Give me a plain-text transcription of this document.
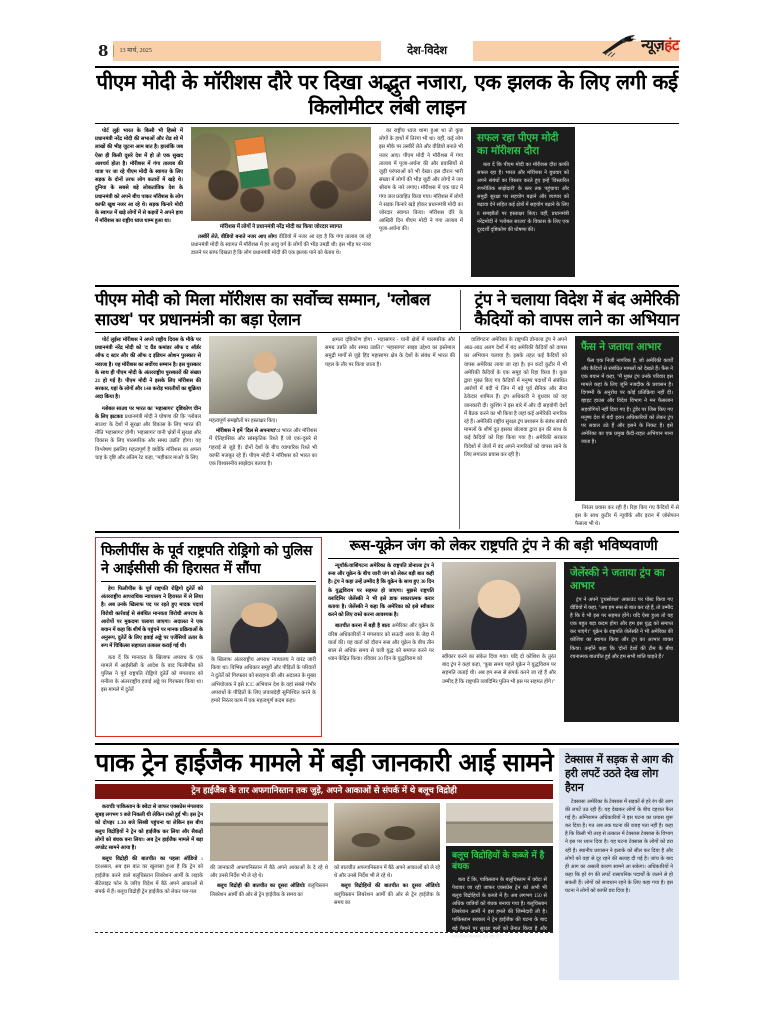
8	13 मार्च, 2025	देश-विदेश	न्यूज़हंट
पीएम मोदी के मॉरीशस दौरे पर दिखा अद्भुत नजारा, एक झलक के लिए लगी कई किलोमीटर लंबी लाइन

पोर्ट लुईः भारत के किसी भी हिस्से में प्रधानमंत्री नरेंद्र मोदी की सभाओं और रोड शो में लाखों की भीड़ जुटना आम बात है। हालांकि जब ऐसा ही किसी दूसरे देश में हो तो एक सुखद आश्चर्य होता है। मॉरीशस में गंगा तालाब की यात्रा पर जा रहे पीएम मोदी के स्वागत के लिए सड़क के दोनों तरफ लोग कतारों में खड़े थे। दुनिया के सबसे बड़े लोकतांत्रिक देश के प्रधानमंत्री को अपने बीच पाकर मॉरीशस के लोग काफी खुश नजर आ रहे थे। सड़क किनारे मोदी के स्वागत में खड़े लोगों में से कइयों ने अपने हाथ में मॉरीशस का राष्ट्रीय ध्वज थाम्म हुआ था।

मॉरीशस में लोगों ने प्रधानमंत्री नरेंद्र मोदी का किया जोरदार स्वागत

तस्वीरें लेते, वीडियो बनाते नजर आए लोगः वीडियो में नजर आ रहा है कि गंगा तालाब जा रहे प्रधानमंत्री मोदी के स्वागत में मॉरीशस में हर आयु वर्ग के लोगों की भीड़ उमड़ी थी। इस भीड़ पर नजर डालने पर साफ दिखता है कि लोग प्रधानमंत्री मोदी की एक झलक पाने को बेताब थे।

का राष्ट्रीय ध्वज थामा हुआ था तो कुछ लोगों के हाथों में तिरंगा भी था। यहीं, कई लोग इस मौके पर तस्वीरें लेते और वीडियो बनाते भी नजर आए। पीएम मोदी ने मॉरीशस में गंगा तालाब में पूजा-अर्चना की और प्रवासियों से जुड़ी परंपराओं को भी देखा। इस दौरान भारी संख्या में लोगों की भीड़ जुटी और लोगों ने जय श्रीराम के नारे लगाए। मॉरीशस में एक घाट में गंगा जल प्रवाहित किया गया। मॉरीशस में लोगों ने सड़क किनारे खड़े होकर प्रधानमंत्री मोदी का जोरदार स्वागत किया। मॉरीशस दौरे के आखिरी दिन पीएम मोदी ने गंगा तालाब में पूजा-अर्चना की।

सफल रहा पीएम मोदी का मॉरीशस दौरा

बता दें कि पीएम मोदी का मॉरीशस दौरा काफी सफल रहा है। भारत और मॉरीशस ने बुधवार को अपने संबंधों का विस्तार करते हुए इन्हें 'विस्तारित रणनीतिक साझेदारी' के स्तर तक पहुंचाया और समुद्री सुरक्षा पर सहयोग बढ़ाने और व्यापार को बढ़ावा देने सहित कई क्षेत्रों में सहयोग बढ़ाने के लिए 8 समझौतों पर हस्ताक्षर किए। वहीं, प्रधानमंत्री नरेंद्रमोदी ने 'ग्लोबल साउथ' के विकास के लिए एक दूरदर्शी दृष्टिकोण की घोषणा की।

पीएम मोदी को मिला मॉरीशस का सर्वोच्च सम्मान, 'ग्लोबल साउथ' पर प्रधानमंत्री का बड़ा ऐलान
ट्रंप ने चलाया विदेश में बंद अमेरिकी कैदियों को वापस लाने का अभियान

पोर्ट लुईसः मॉरीशस ने अपने राष्ट्रीय दिवस के मौके पर प्रधानमंत्री नरेंद्र मोदी को 'द ग्रैंड कमांडर ऑफ द ऑर्डर ऑफ द स्टार और की ऑफ द इंडियन ओशन पुरस्कार से नवाजा है। यह मॉरीशस का सर्वोच्च सम्मान है। इस पुरस्कार के साथ ही पीएम मोदी के अंतरराष्ट्रीय पुरस्कारों की संख्या 21 हो गई है। पीएम मोदी ने इसके लिए मॉरीशस की सरकार, यहां के लोगों और 140 करोड़ भारतीयों का शुक्रिया अदा किया है।

ग्लोबल साउथ पर भारत का 'महासागर' दृष्टिकोण चीन के लिए झटकाः प्रधानमंत्री मोदी ने घोषणा की कि 'ग्लोबल साउथ' के देशों में सुरक्षा और विकास के लिए भारत की नीति 'महासागर' होगी। 'महासागर' यानी 'क्षेत्रों में सुरक्षा और विकास के लिए पारस्परिक और समग्र उन्नति' होगा। यह विश्लेषण इसलिए महत्वपूर्ण है क्योंकि मॉरीशस का अपना चाह के दृष्टि और अंतिम रेट कहा, ''महीकार माओ' के लिए

महत्वपूर्ण समझौतों पर हस्ताक्षर किए।

मॉरीशस ने हमें 'दिल से अपनाया'ः भारत और मॉरीशस में ऐतिहासिक और सांस्कृतिक रिश्ते हैं जो एक-दूसरे से गहराई से जुड़े हैं। दोनों देशों के बीच व्यापारिक रिश्ते भी काफी मजबूत रहे हैं। पीएम मोदी ने मॉरीशस को भारत का एक विश्वसनीय साझेदार बताया है।

क्षमता दृष्टिकोण होगा - महासागर - यानी क्षेत्रों में पारस्परिक और समग्र उन्नति और समग्र उन्नति।'' 'महासागर' साझा उद्देश्य का इस्तेमाल समुद्री मार्गों से जुड़े हिंद महासागर क्षेत्र के देशों के संबंध में भारत की पहल के तौर पर किया जाता है।

वाशिंगटनः अमेरिका के राष्ट्रपति डोनाल्ड ट्रंप ने अपने आठ-आठ अलग देशों में बंद अमेरिकी कैदियों को वापस का अभियान चलाया है। इसके तहत कई कैदियों को वापस अमेरिका लाया जा रहा है। इन कदों कुटीर में भी अमेरिकी कैदियों के एक समूह को रिहा किया है। कुछ द्वारा मुक्त किए गए कैदियों में मनुष्य पदार्थों में संबंधित आरोपों में बंदी थे जिन में बड़े पूर्व सैनिक और सैन्य ठेकेदार शामिल हैं। ट्रंप अधिकारी ने बुधवार को यह जानकारी दी। कुशिंग ने इस बारे में और दी सहयोगी देशों में बैठक करने का भी किया है जहां कई अमेरिकी नागरिक रहे हैं। अमेरिकी राष्ट्रीय सुरक्षा ट्रंप प्रशासन के संबंध संबंधी मामलों के शीर्ष दूत इसका बोलाया द्वारा इन की साथ के कई कैदियों को रिहा किया गया है। अमेरिकी सरकार विदेशों में जेलों में बंद अपने नागरिकों को वापस लाने के लिए लगातार प्रयास कर रही है।

फैंस ने जताया आभार

फैंस एक निजी नागरिक है, जो अमेरिकी कार्यों और कैदियों से संबंधित मामलों को देखते हैं। फैंस ने एक बयान में कहा, ''मैं मुक्त ट्रंप उनके परिवार इस मामले कहां के लिए जूनि नजदीक के प्रशासन है। दिगम्भी के अनुरोध पर कोई प्रतिक्रिया नहीं दी। व्हाइट हाउस और विदेश विभाग ने मन फैसलान सहयोगियों नहीं दिया गए है। टुंडेर पर जिस किए गए मनुष्य देश में बंदी इरान अधिकारियों को लेकर ट्रंप पर सवाल उठे हैं और इसने के निकट है। इसे अमेरिका का एक प्रमुख कैदी-राहत अभियान माना जाता है।

निरंतर प्रयास कर रही हैं। रिहा किए गए कैदियों में से इस के साथ कुटीर में न्यूयॉर्क और इरान में जोसेफान फैसला भी थे।

फिलीपींस के पूर्व राष्ट्रपति रोड्रिगो को पुलिस ने आईसीसी की हिरासत में सौंपा

हेगः फिलीपींस के पूर्व राष्ट्रपति रोड्रिगो दुतेर्ते को अंतरराष्ट्रीय आपराधिक न्यायालय ने हिरासत में ले लिया है। अब उनके खिलाफ पद पर रहते हुए मादक पदार्थ विरोधी कार्रवाई से संबंधित मानवता विरोधी अपराध के आरोपों पर मुकदमा चलाया जाएगा। अदालत ने एक बयान में कहा कि शीर्ष के पहुंचने पर मानक प्रक्रियाओं के अनुरूप, दुतेर्ते के लिए हवाई अड्डे पर एजेंसियों उतार के रूप में चिकित्सा सहायता तत्काल कराई गई थी।

बता दें कि मानवता के खिलाफ अपराध के एक मामले में आईसीसी के आदेश के बाद फिलीपींस को पुलिस ने पूर्व राष्ट्रपति रोड्रिगो दुतेर्ते को मंगलवार को मनीला के अंतरराष्ट्रीय हवाई अड्डे पर गिरफ्तार किया था। इस मामले में दुतेर्ते

के खिलाफ अंतरराष्ट्रीय अपराध न्यायालय ने वारंट जारी किया था। विभिन्न अधिकार समूहों और पीड़ितों के परिवारों ने दुतेर्ते को गिरफ्तार को सराहना की और अदालत के मुख्य अभियोजक ने इसे ICC अभियान देश के वहां सबसे गंभीर अपराधों के पीड़ितों के लिए जवाबदेही सुनिश्चित करने के हमारे निरंतर काम में एक महत्वपूर्ण कदम कहा।

रूस-यूक्रेन जंग को लेकर राष्ट्रपति ट्रंप ने की बड़ी भविष्यवाणी

न्यूयॉर्क/वाशिंगटनः अमेरिका के राष्ट्रपति डोनाल्ड ट्रंप ने रूस और यूक्रेन के बीच जारी जंग को लेकर बड़ी बात कही है। ट्रंप ने कहा उन्हें उम्मीद है कि यूक्रेन के साथ हुए 30 दिन के युद्धविराम पर सहमत हो जाएगा। मुझसे राष्ट्रपति व्लादिमिर जेलेंस्की ने भी इसे डाक सकारात्मक करार बताया है। जेलेंस्की ने कहा कि अमेरिका को इसे स्वीकार करने को लिए रास्ते करना आवश्यक है।

बातचीत करना में बड़ी है बातः अमेरिका और यूक्रेन के वरिष्ठ अधिकारियों ने मंगलवार को सऊदी अरब के जेद्दा में वार्ता की। यह वार्ता को दौरान रूस और यूक्रेन के बीच तीन साल से अधिक समय से चली युद्ध को समाप्त करने पर ध्यान केंद्रित किया। रविवार 30 दिन के युद्धविराम को	स्वीकार करने का संकेत दिया गया। यदि दो कोशिश के तुरंत बाद ट्रंप ने कहां कहा, ''कुछ समय पहले यूक्रेन ने युद्धविराम पर सहमति जताई थी। अब हम रूस से संपर्क करने जा रहे हैं और उम्मीद है कि राष्ट्रपति व्लादिमिर पुतिन भी इस पर सहमत होंगे।''

जेलेंस्की ने जताया ट्रंप का आभार

ट्रंप ने अपने 'ट्रुथसोशल' अकाउंट पर पोस्ट किया गए वीडियो में कहा, ''अब हम रूस से बात कर रहे हैं, तो उम्मीद है कि वे भी इस पर सहमत होंगे। यदि ऐसा हुआ तो यह एक बहुत बड़ा कदम होगा और हम इस युद्ध को समाप्त कर पाएंगे।'' यूक्रेन के राष्ट्रपति जेलेंस्की ने भी अमेरिका की कोशिश का स्वागत किया और ट्रंप का आभार व्यक्त किया। उन्होंने कहा कि 'दोनों देशों की टीम के बीच रचनात्मक बातचीत हुई और हम सभी शांति चाहते हैं।'

पाक ट्रेन हाईजैक मामले में बड़ी जानकारी आई सामने
ट्रेन हाईजैक के तार अफगानिस्तान तक जुड़े, अपने आकाओं से संपर्क में थे बलूच विद्रोही

कराचीः पाकिस्तान के क्वेटा से जाफर एक्सप्रेस मंगलवार सुबह लगभग 9 बजे निकली थी लेकिन रास्ते हुई भी। इस ट्रेन को दोपहर 1.30 बजे सिब्बी पहुंचना था लेकिन इस बीच बलूच विद्रोहियों ने ट्रेन को हाईजैक कर लिया और सैकड़ों लोगों को बंधक बना लिया। अब ट्रेन हाईजैक मामले में बड़ा अपडेट सामने आया है।

बलूच विद्रोही की बातचीत का पहला ऑडियो : दरअसल, अब इस बात का खुलासा हुआ है कि ट्रेन को हाईजैक करने वाले बलूचिस्तान लिबरेशन आर्मी के लड़ाके सैटेलाइट फोन के जरिए विदेश में बैठे अपने आकाओं से संपर्क में हैं। बलूच विद्रोही ट्रेन हाईजैक को लेकर पल-पल

की जानकारी अफगानिस्तान में बैठे अपने आकाओं के दे रहे थे और उनसे निर्देश भी ले रहे थे।

बलूच विद्रोही की बातचीत का दूसरा ऑडियोः बलूचिस्तान लिबरेशन आर्मी की ओर से ट्रेन हाईजैक के समय का

को बातचीत अफगानिस्तान में बैठे अपने आकाओं को ले रहे थे और उनसे निर्देश भी ले रहे थे।

बलूच विद्रोहियों की बातचीत का दूसरा ऑडियोः बलूचिस्तान लिबरेशन आर्मी की ओर से ट्रेन हाईजैक के समय का

बलूच विद्रोहियों के कब्जे में है बंधक

बता दें कि, पाकिस्तान के बलूचिस्तान में क्वेटा से पेशावर जा रही जाफर एक्सप्रेस ट्रेन को अभी भी बलूच विद्रोहियों के कब्जे में है। अब लगभग 150 से अधिक यात्रियों को बंधक बनाया गया है। बलूचिस्तान लिबरेशन आर्मी ने इस हमले की जिम्मेदारी ली है। पाकिस्तान सरकार ने ट्रेन हाईजैक की घटना के बाद बड़े पैमाने पर सुरक्षा बलों को तैनात किया है और अभियान चलाया जा रहा है।

टेक्सास में सड़क से आग की हरी लपटें उठते देख लोग हैरान

टेक्सासः अमेरिका के टेक्सास में सड़कों से हरे रंग की आग की लपटें उठ रही हैं। यह देखकर लोगों के बीच दहशत फैल गई है। अग्निशमन अधिकारियों ने इस घटना का प्रयास शुरू कर दिया है। गत अब तक घटना की वजह पता नहीं है। कहा है कि किसी भी तरह से तत्काल में टेक्सास टेक्सास के विभाग ने इस पर ध्यान दिया है। यह घटना टेक्सास के लोगों को डरा रही है। स्थानीय प्रशासन ने इलाके को सील कर दिया है और लोगों को वहां से दूर रहने की सलाह दी गई है। जांच के बाद ही आग का असली कारण सामने आ सकेगा। अधिकारियों ने कहा कि हरे रंग की लपटें रासायनिक पदार्थों के जलने से हो सकती हैं। लोगों को सावधान रहने के लिए कहा गया है। इस घटना ने लोगों को काफी डरा दिया है।
